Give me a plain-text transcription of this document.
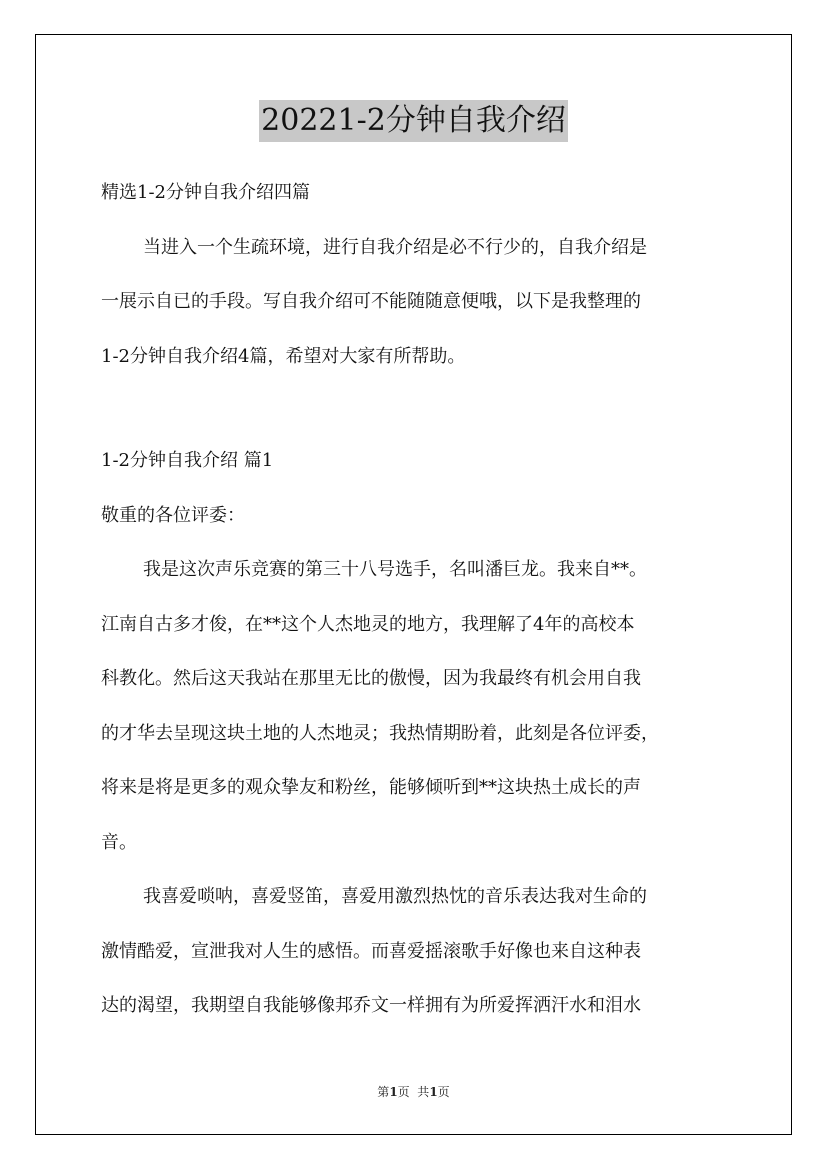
20221-2分钟自我介绍
精选1-2分钟自我介绍四篇
当进入一个生疏环境，进行自我介绍是必不行少的，自我介绍是
一展示自已的手段。写自我介绍可不能随随意便哦，以下是我整理的
1-2分钟自我介绍4篇，希望对大家有所帮助。
1-2分钟自我介绍 篇1
敬重的各位评委：
我是这次声乐竞赛的第三十八号选手，名叫潘巨龙。我来自**。
江南自古多才俊，在**这个人杰地灵的地方，我理解了4年的高校本
科教化。然后这天我站在那里无比的傲慢，因为我最终有机会用自我
的才华去呈现这块土地的人杰地灵；我热情期盼着，此刻是各位评委，
将来是将是更多的观众挚友和粉丝，能够倾听到**这块热土成长的声
音。
我喜爱唢呐，喜爱竖笛，喜爱用激烈热忱的音乐表达我对生命的
激情酷爱，宣泄我对人生的感悟。而喜爱摇滚歌手好像也来自这种表
达的渴望，我期望自我能够像邦乔文一样拥有为所爱挥洒汗水和泪水
第1页  共1页
